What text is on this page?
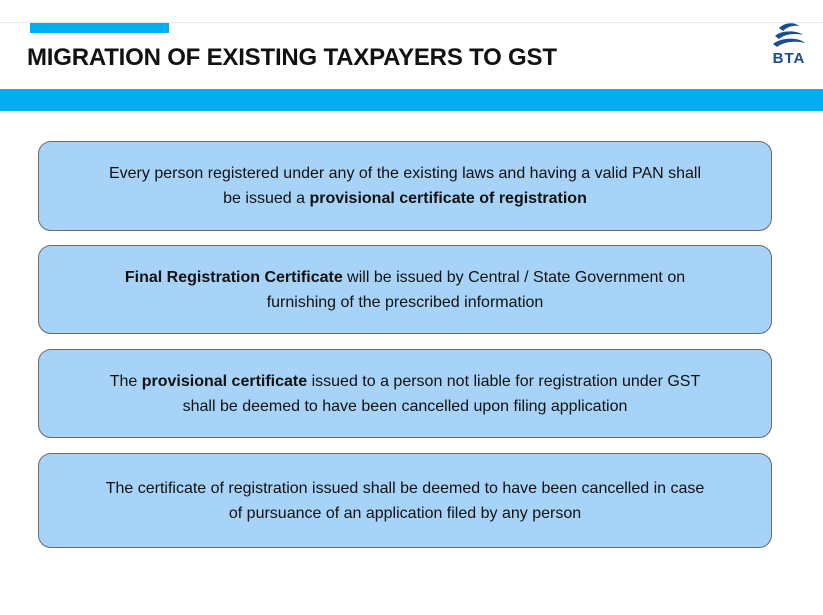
MIGRATION OF EXISTING TAXPAYERS TO GST	BTA

Every person registered under any of the existing laws and having a valid PAN shall
be issued a provisional certificate of registration

Final Registration Certificate will be issued by Central / State Government on
furnishing of the prescribed information

The provisional certificate issued to a person not liable for registration under GST
shall be deemed to have been cancelled upon filing application

The certificate of registration issued shall be deemed to have been cancelled in case
of pursuance of an application filed by any person
